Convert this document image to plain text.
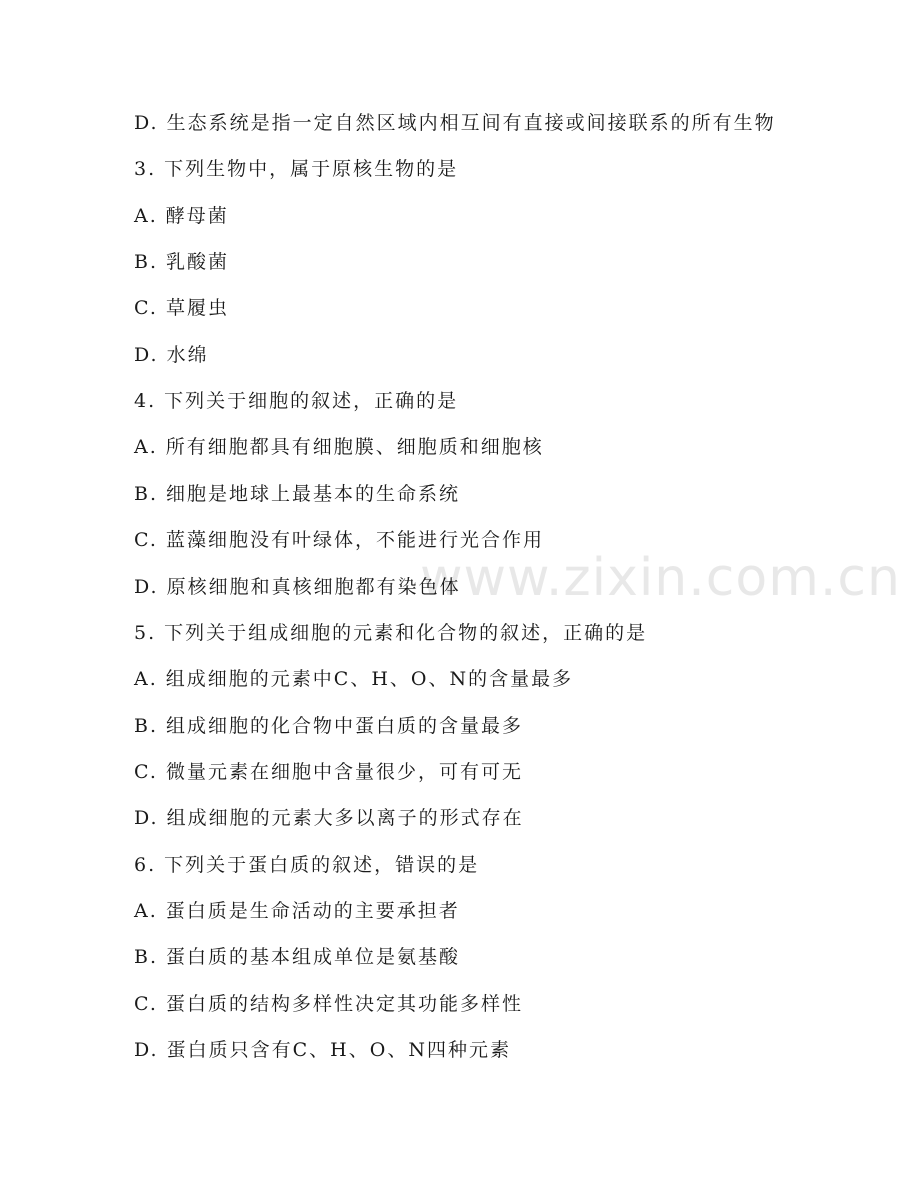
www.zixin.com.cn
D. 生态系统是指一定自然区域内相互间有直接或间接联系的所有生物
3. 下列生物中，属于原核生物的是
A. 酵母菌
B. 乳酸菌
C. 草履虫
D. 水绵
4. 下列关于细胞的叙述，正确的是
A. 所有细胞都具有细胞膜、细胞质和细胞核
B. 细胞是地球上最基本的生命系统
C. 蓝藻细胞没有叶绿体，不能进行光合作用
D. 原核细胞和真核细胞都有染色体
5. 下列关于组成细胞的元素和化合物的叙述，正确的是
A. 组成细胞的元素中C、H、O、N的含量最多
B. 组成细胞的化合物中蛋白质的含量最多
C. 微量元素在细胞中含量很少，可有可无
D. 组成细胞的元素大多以离子的形式存在
6. 下列关于蛋白质的叙述，错误的是
A. 蛋白质是生命活动的主要承担者
B. 蛋白质的基本组成单位是氨基酸
C. 蛋白质的结构多样性决定其功能多样性
D. 蛋白质只含有C、H、O、N四种元素
